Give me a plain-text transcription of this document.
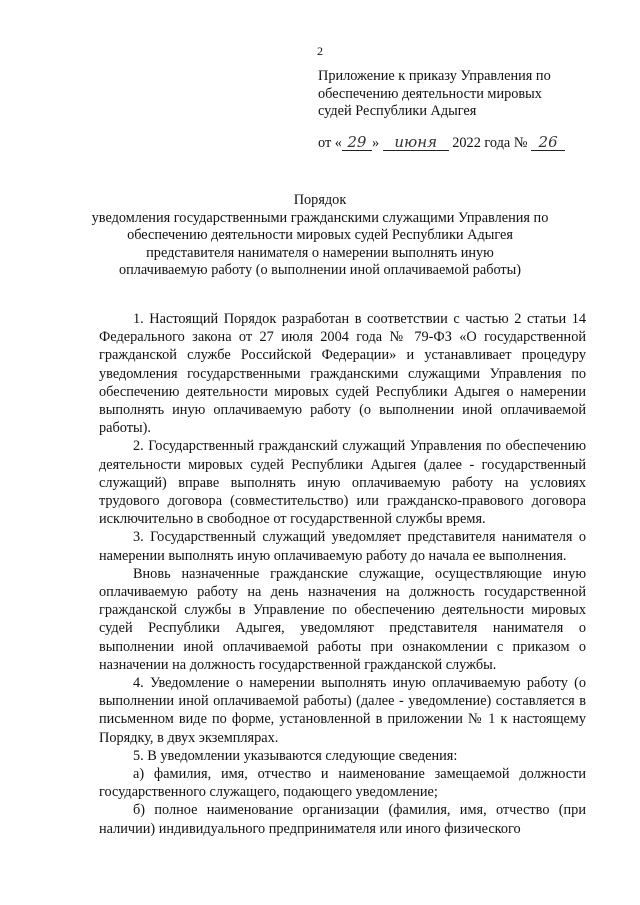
2
Приложение к приказу Управления по
обеспечению деятельности мировых
судей Республики Адыгея
от « 29 » июня 2022 года № 26
Порядок
уведомления государственными гражданскими служащими Управления по
обеспечению деятельности мировых судей Республики Адыгея
представителя нанимателя о намерении выполнять иную
оплачиваемую работу (о выполнении иной оплачиваемой работы)

1. Настоящий Порядок разработан в соответствии с частью 2 статьи 14 Федерального закона от 27 июля 2004 года № 79-ФЗ «О государственной гражданской службе Российской Федерации» и устанавливает процедуру уведомления государственными гражданскими служащими Управления по обеспечению деятельности мировых судей Республики Адыгея о намерении выполнять иную оплачиваемую работу (о выполнении иной оплачиваемой работы).

2. Государственный гражданский служащий Управления по обеспечению деятельности мировых судей Республики Адыгея (далее - государственный служащий) вправе выполнять иную оплачиваемую работу на условиях трудового договора (совместительство) или гражданско-правового договора исключительно в свободное от государственной службы время.

3. Государственный служащий уведомляет представителя нанимателя о намерении выполнять иную оплачиваемую работу до начала ее выполнения.

Вновь назначенные гражданские служащие, осуществляющие иную оплачиваемую работу на день назначения на должность государственной гражданской службы в Управление по обеспечению деятельности мировых судей Республики Адыгея, уведомляют представителя нанимателя о выполнении иной оплачиваемой работы при ознакомлении с приказом о назначении на должность государственной гражданской службы.

4. Уведомление о намерении выполнять иную оплачиваемую работу (о выполнении иной оплачиваемой работы) (далее - уведомление) составляется в письменном виде по форме, установленной в приложении № 1 к настоящему Порядку, в двух экземплярах.

5. В уведомлении указываются следующие сведения:

а) фамилия, имя, отчество и наименование замещаемой должности государственного служащего, подающего уведомление;

б) полное наименование организации (фамилия, имя, отчество (при наличии) индивидуального предпринимателя или иного физического
